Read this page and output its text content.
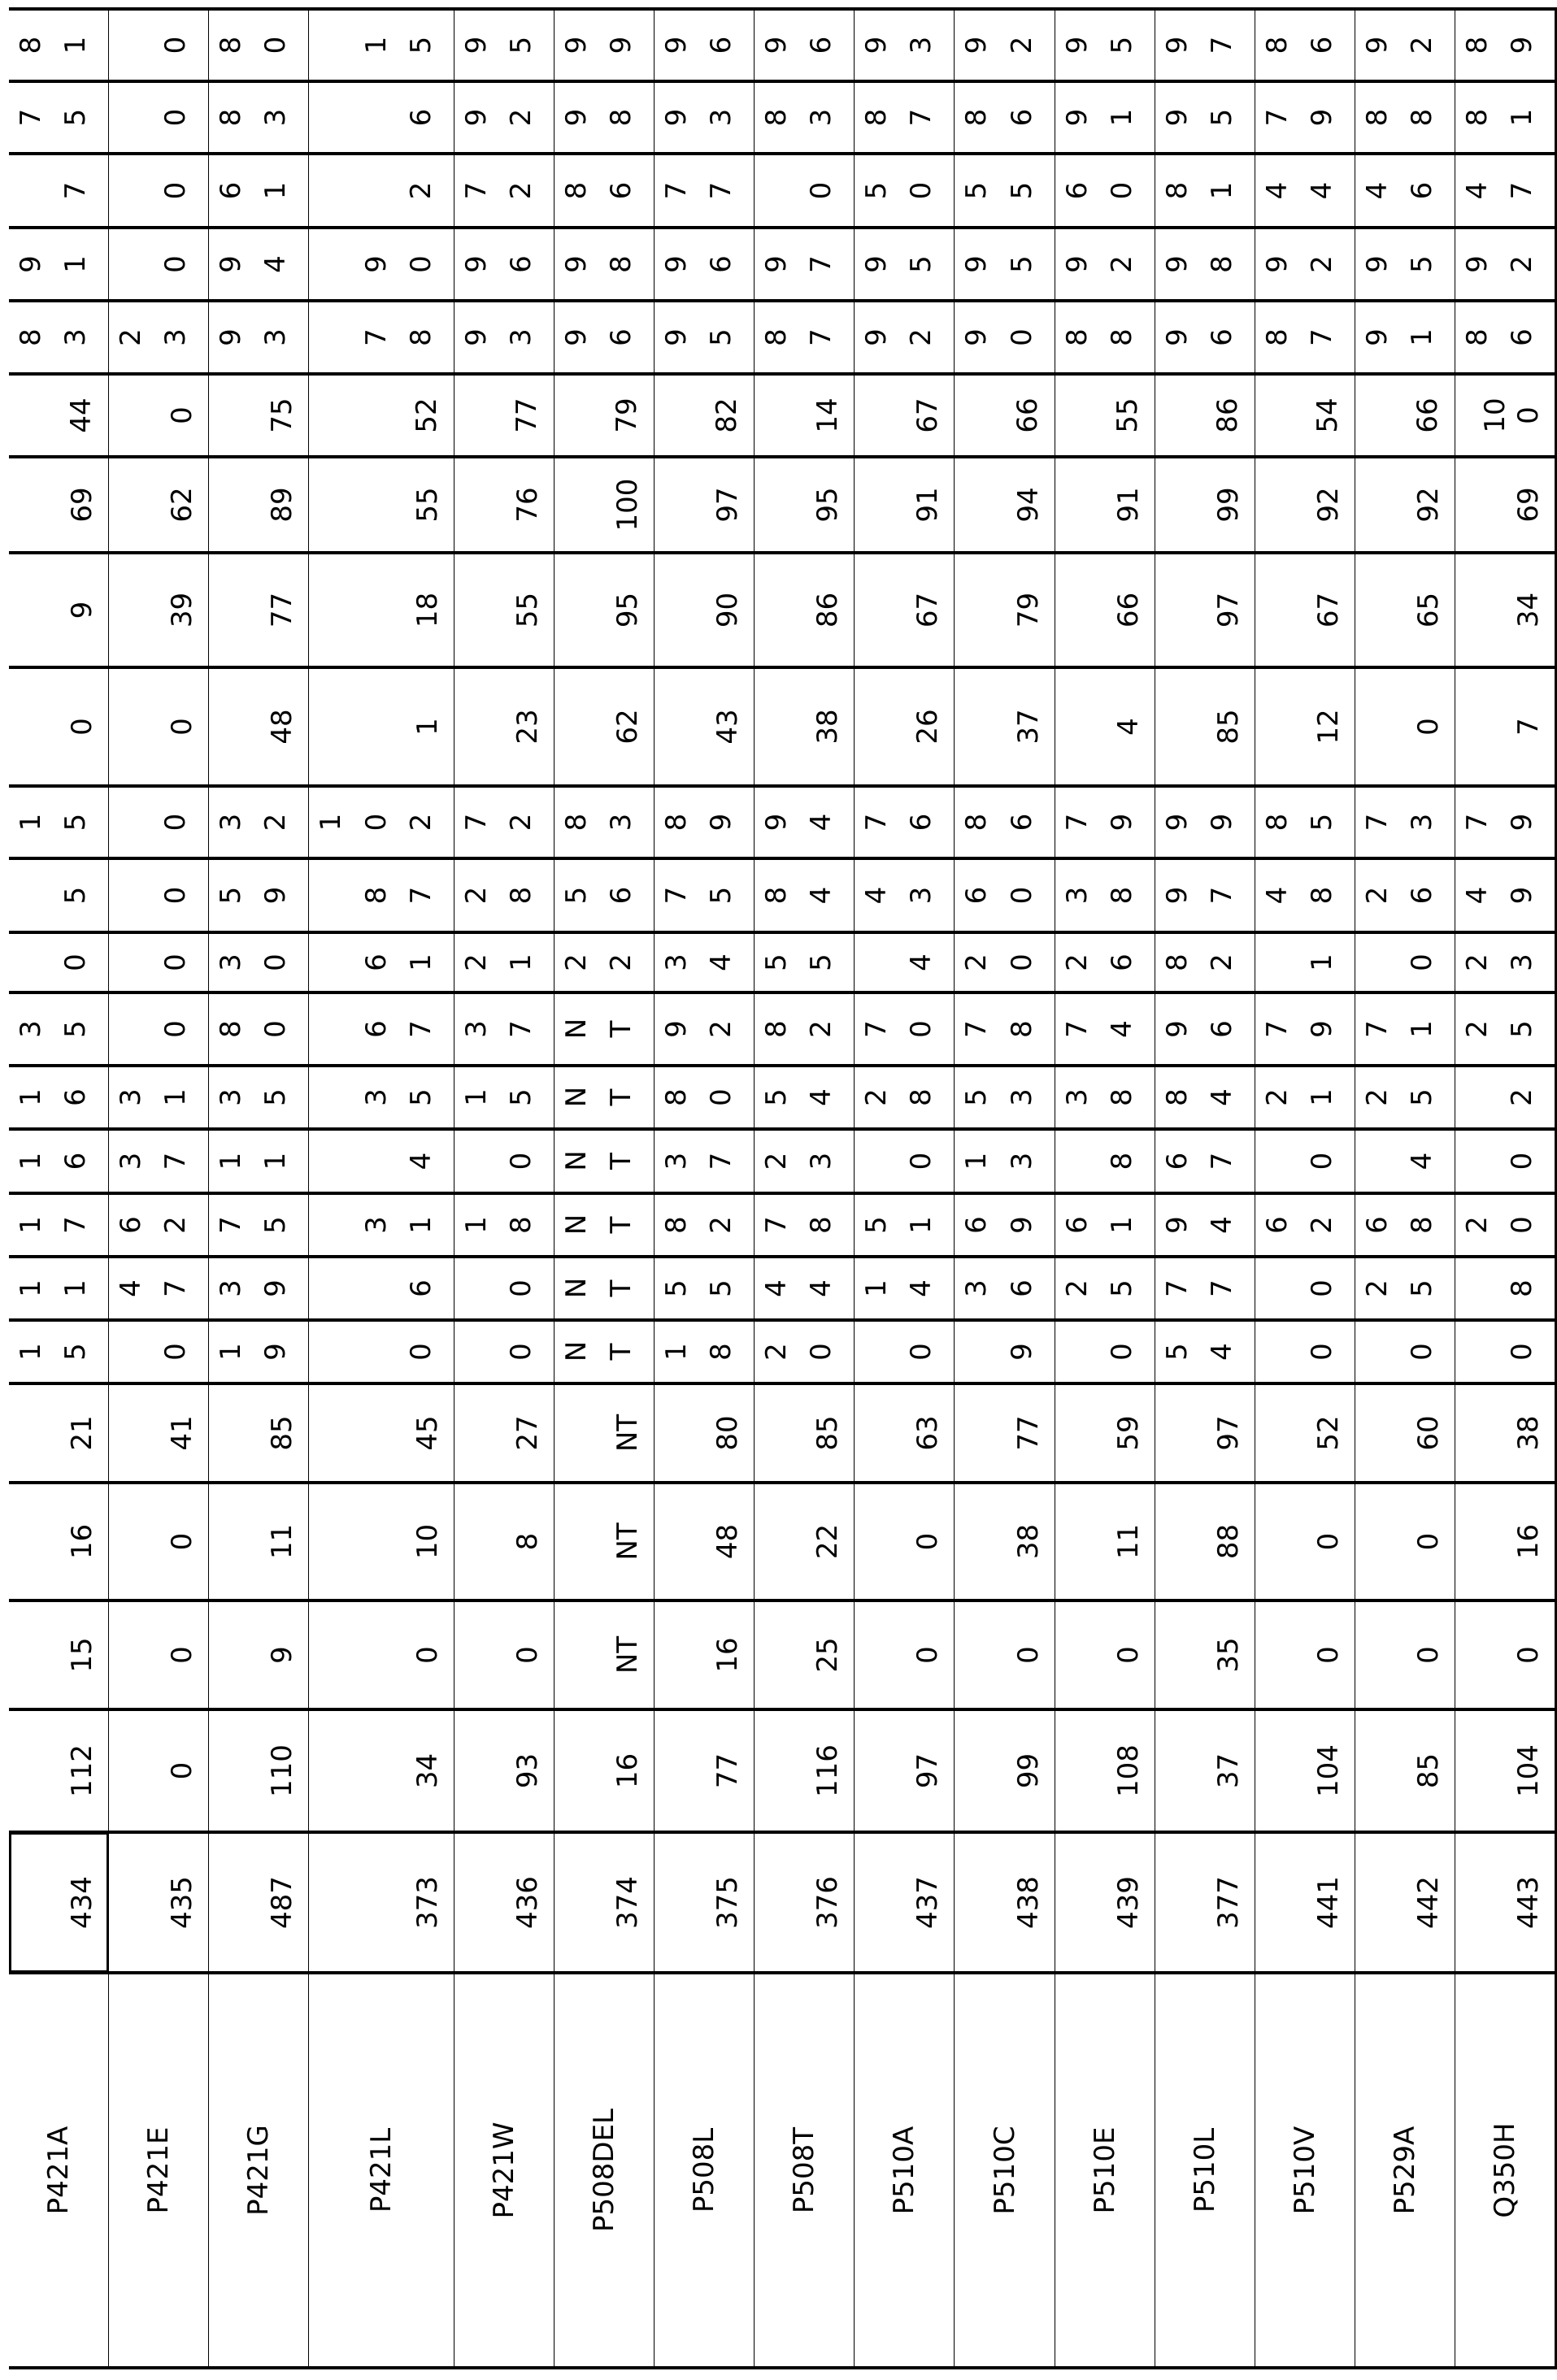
P421A	434	112	15	16	21	15	11	17	16	16	35	0	5	15	0	9	69	44	83	91	7	75	81
P421E	435	0	0	0	41	0	47	62	37	31	0	0	0	0	0	39	62	0	23	0	0	0	0
P421G	487	110	9	11	85	19	39	75	11	35	80	30	59	32	48	77	89	75	93	94	61	83	80
P421L	373	34	0	10	45	0	6	31	4	35	67	61	87	102	1	18	55	52	78	90	2	6	15
P421W	436	93	0	8	27	0	0	18	0	15	37	21	28	72	23	55	76	77	93	96	72	92	95
P508DEL	374	16	NT	NT	NT	NT	NT	NT	NT	NT	NT	22	56	83	62	95	100	79	96	98	86	98	99
P508L	375	77	16	48	80	18	55	82	37	80	92	34	75	89	43	90	97	82	95	96	77	93	96
P508T	376	116	25	22	85	20	44	78	23	54	82	55	84	94	38	86	95	14	87	97	0	83	96
P510A	437	97	0	0	63	0	14	51	0	28	70	4	43	76	26	67	91	67	92	95	50	87	93
P510C	438	99	0	38	77	9	36	69	13	53	78	20	60	86	37	79	94	66	90	95	55	86	92
P510E	439	108	0	11	59	0	25	61	8	38	74	26	38	79	4	66	91	55	88	92	60	91	95
P510L	377	37	35	88	97	54	77	94	67	84	96	82	97	99	85	97	99	86	96	98	81	95	97
P510V	441	104	0	0	52	0	0	62	0	21	79	1	48	85	12	67	92	54	87	92	44	79	86
P529A	442	85	0	0	60	0	25	68	4	25	71	0	26	73	0	65	92	66	91	95	46	88	92
Q350H	443	104	0	16	38	0	8	20	0	2	25	23	49	79	7	34	69	100	86	92	47	81	89
